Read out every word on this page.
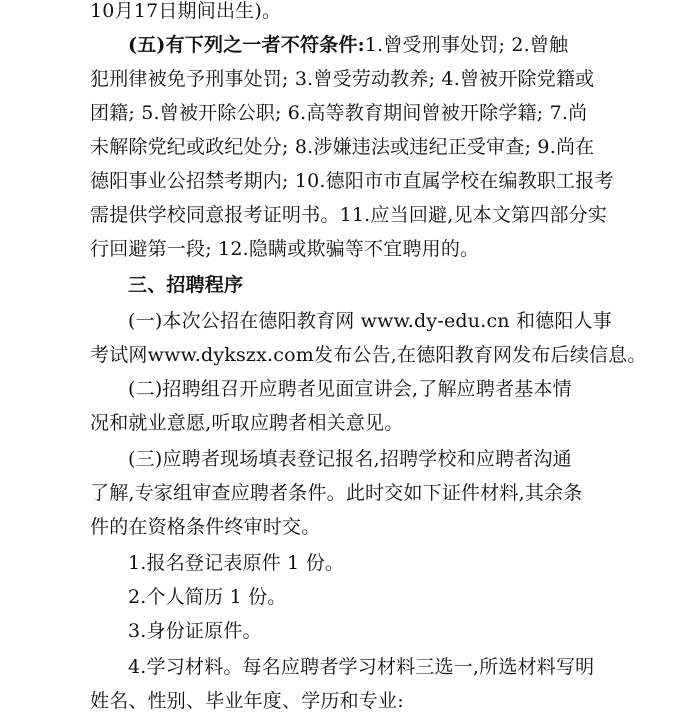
10月17日期间出生)。
(五)有下列之一者不符条件:1.曾受刑事处罚; 2.曾触
犯刑律被免予刑事处罚; 3.曾受劳动教养; 4.曾被开除党籍或
团籍; 5.曾被开除公职; 6.高等教育期间曾被开除学籍; 7.尚
未解除党纪或政纪处分; 8.涉嫌违法或违纪正受审查; 9.尚在
德阳事业公招禁考期内; 10.德阳市市直属学校在编教职工报考
需提供学校同意报考证明书。11.应当回避,见本文第四部分实
行回避第一段; 12.隐瞒或欺骗等不宜聘用的。
三、招聘程序
(一)本次公招在德阳教育网 www.dy-edu.cn 和德阳人事
考试网www.dykszx.com发布公告,在德阳教育网发布后续信息。
(二)招聘组召开应聘者见面宣讲会,了解应聘者基本情
况和就业意愿,听取应聘者相关意见。
(三)应聘者现场填表登记报名,招聘学校和应聘者沟通
了解,专家组审查应聘者条件。此时交如下证件材料,其余条
件的在资格条件终审时交。
1.报名登记表原件 1 份。
2.个人简历 1 份。
3.身份证原件。
4.学习材料。每名应聘者学习材料三选一,所选材料写明
姓名、性别、毕业年度、学历和专业:
